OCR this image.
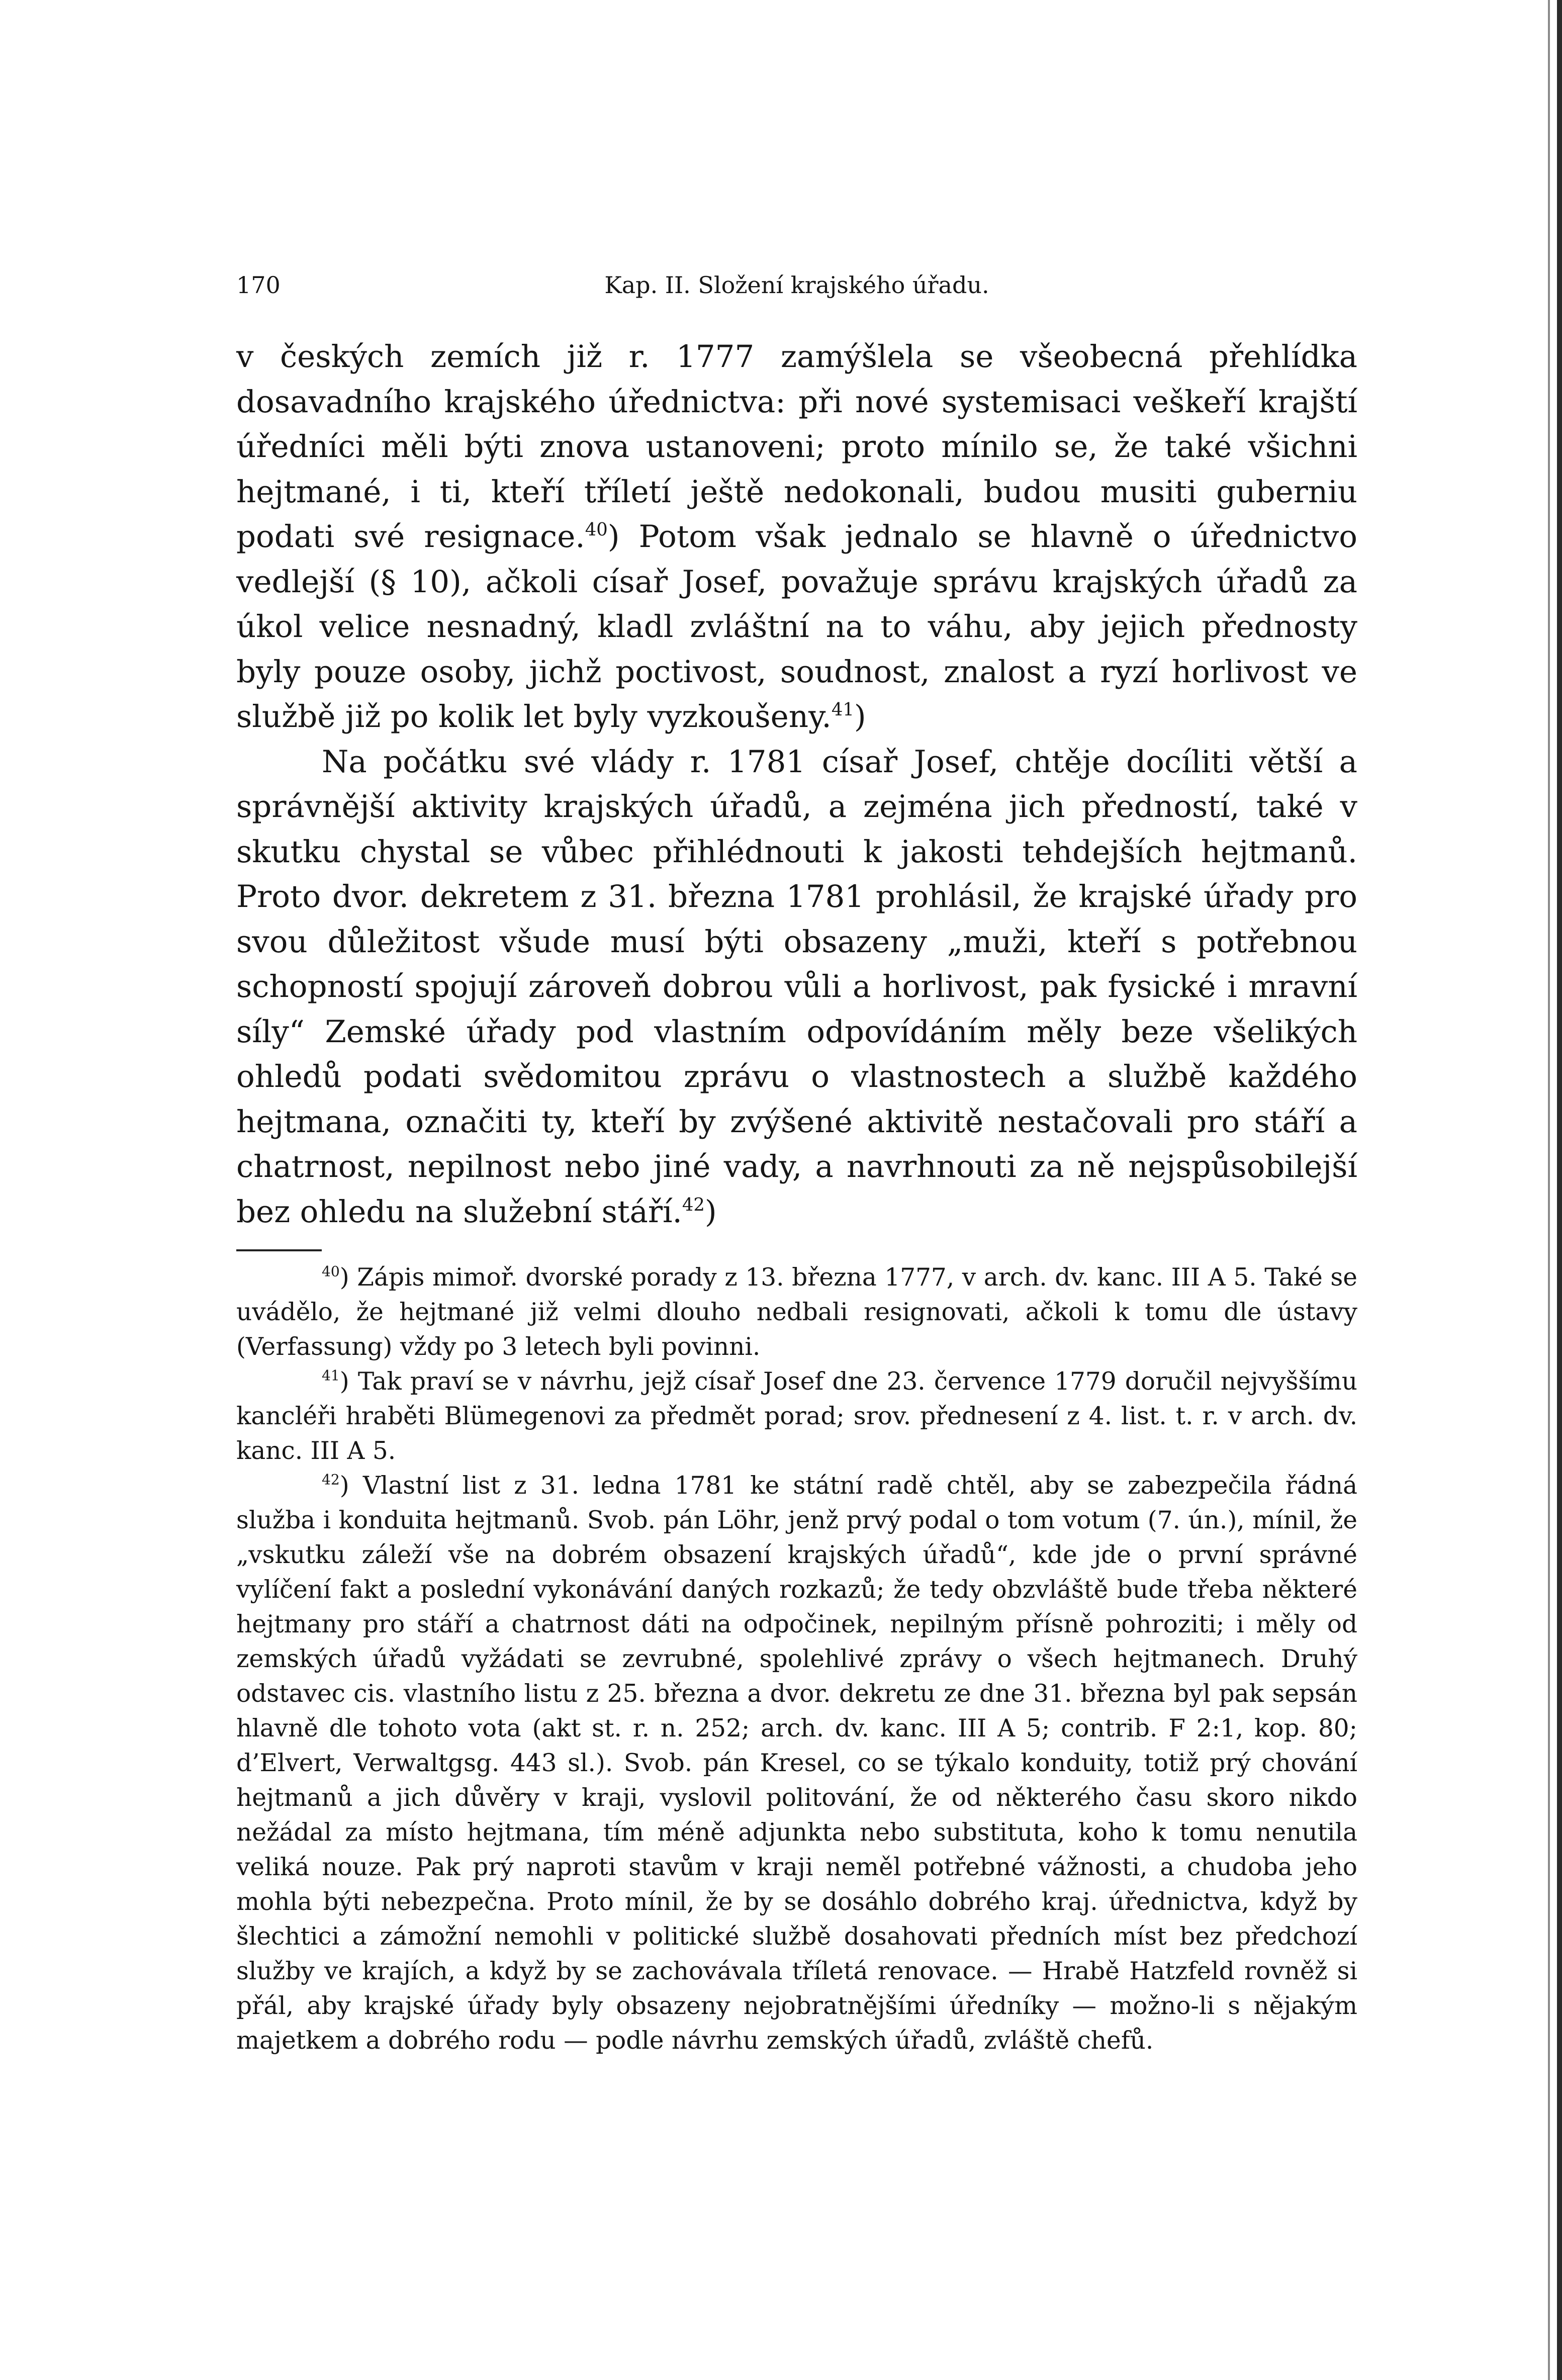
170	Kap. II. Složení krajského úřadu.

v českých zemích již r. 1777 zamýšlela se všeobecná přehlídka dosavadního krajského úřednictva: při nové systemisaci veškeří krajští úředníci měli býti znova ustanoveni; proto mínilo se, že také všichni hejtmané, i ti, kteří tříletí ještě nedokonali, budou musiti guberniu podati své resignace.$^{40}$) Potom však jednalo se hlavně o úřednictvo vedlejší (§ 10), ačkoli císař Josef, považuje správu krajských úřadů za úkol velice nesnadný, kladl zvláštní na to váhu, aby jejich přednosty byly pouze osoby, jichž poctivost, soudnost, znalost a ryzí horlivost ve službě již po kolik let byly vyzkoušeny.$^{41}$)

Na počátku své vlády r. 1781 císař Josef, chtěje docíliti větší a správnější aktivity krajských úřadů, a zejména jich předností, také v skutku chystal se vůbec přihlédnouti k jakosti tehdejších hejtmanů. Proto dvor. dekretem z 31. března 1781 prohlásil, že krajské úřady pro svou důležitost všude musí býti obsazeny „muži, kteří s potřebnou schopností spojují zároveň dobrou vůli a horlivost, pak fysické i mravní síly“ Zemské úřady pod vlastním odpovídáním měly beze všelikých ohledů podati svědomitou zprávu o vlastnostech a službě každého hejtmana, označiti ty, kteří by zvýšené aktivitě nestačovali pro stáří a chatrnost, nepilnost nebo jiné vady, a navrhnouti za ně nejspůsobilejší bez ohledu na služební stáří.$^{42}$)

$^{40}$) Zápis mimoř. dvorské porady z 13. března 1777, v arch. dv. kanc. III A 5. Také se uvádělo, že hejtmané již velmi dlouho nedbali resignovati, ačkoli k tomu dle ústavy (Verfassung) vždy po 3 letech byli povinni.

$^{41}$) Tak praví se v návrhu, jejž císař Josef dne 23. července 1779 doručil nejvyššímu kancléři hraběti Blümegenovi za předmět porad; srov. přednesení z 4. list. t. r. v arch. dv. kanc. III A 5.

$^{42}$) Vlastní list z 31. ledna 1781 ke státní radě chtěl, aby se zabezpečila řádná služba i konduita hejtmanů. Svob. pán Löhr, jenž prvý podal o tom votum (7. ún.), mínil, že „vskutku záleží vše na dobrém obsazení krajských úřadů“, kde jde o první správné vylíčení fakt a poslední vykonávání daných rozkazů; že tedy obzvláště bude třeba některé hejtmany pro stáří a chatrnost dáti na odpočinek, nepilným přísně pohroziti; i měly od zemských úřadů vyžádati se zevrubné, spolehlivé zprávy o všech hejtmanech. Druhý odstavec cis. vlastního listu z 25. března a dvor. dekretu ze dne 31. března byl pak sepsán hlavně dle tohoto vota (akt st. r. n. 252; arch. dv. kanc. III A 5; contrib. F 2:1, kop. 80; d’Elvert, Verwaltgsg. 443 sl.). Svob. pán Kresel, co se týkalo konduity, totiž prý chování hejtmanů a jich důvěry v kraji, vyslovil politování, že od některého času skoro nikdo nežádal za místo hejtmana, tím méně adjunkta nebo substituta, koho k tomu nenutila veliká nouze. Pak prý naproti stavům v kraji neměl potřebné vážnosti, a chudoba jeho mohla býti nebezpečna. Proto mínil, že by se dosáhlo dobrého kraj. úřednictva, když by šlechtici a zámožní nemohli v politické službě dosahovati předních míst bez předchozí služby ve krajích, a když by se zachovávala tříletá renovace. — Hrabě Hatzfeld rovněž si přál, aby krajské úřady byly obsazeny nejobratnějšími úředníky — možno-li s nějakým majetkem a dobrého rodu — podle návrhu zemských úřadů, zvláště chefů.
